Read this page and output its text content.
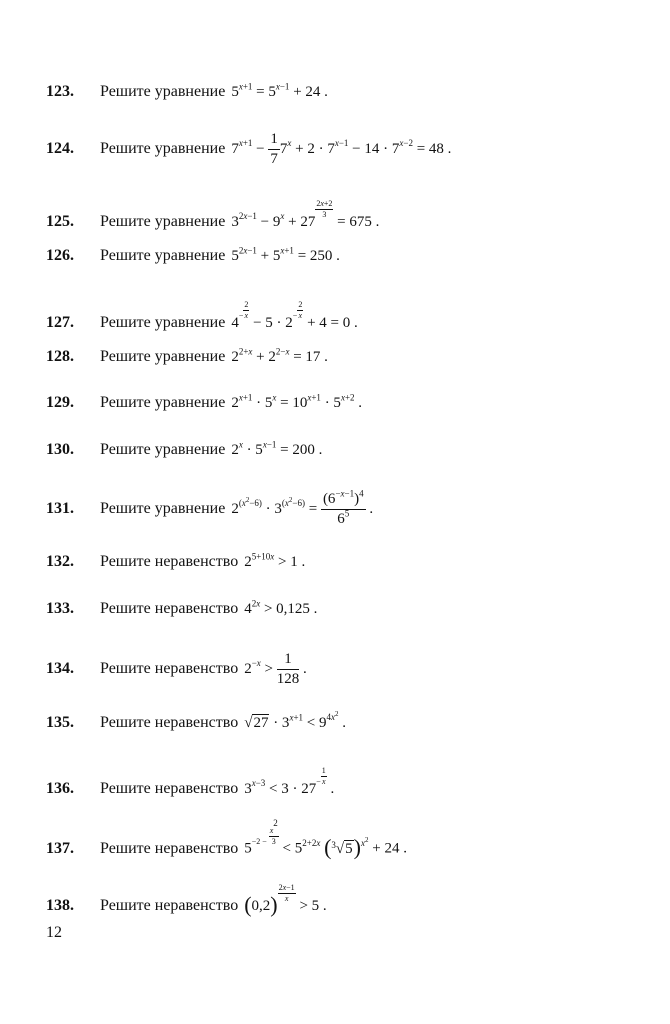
123. Решите уравнение $5^{x+1} = 5^{x-1} + 24$ .
124. Решите уравнение $7^{x+1} - \frac{1}{7} 7^x + 2 \cdot 7^{x-1} - 14 \cdot 7^{x-2} = 48$ .
125. Решите уравнение $3^{2x-1} - 9^x + 27$
$\frac{2x+2}{3}$
= 675 .
126. Решите уравнение $5^{2x-1} + 5^{x+1} = 250$ .
127. Решите уравнение $4- \frac{2}{x}$
− $5 \cdot 2- \frac{2}{x}$
+ 4 = 0 .
128. Решите уравнение $2^{2+x} + 2^{2-x} = 17$ .
129. Решите уравнение $2^{x+1} \cdot 5^x = 10^{x+1} \cdot 5^{x+2}$ .
130. Решите уравнение $2^x \cdot 5^{x-1} = 200$ .
131. Решите уравнение $2^{(x^2-6)} \cdot 3^{(x^2-6)} = \frac{(6^{-x-1})^4}{6^5}$ .
132. Решите неравенство $2^{5+10x} > 1$ .
133. Решите неравенство $4^{2x} > 0,125$ .
134. Решите неравенство $2^{-x} > \frac{1}{128}$ .
135. Решите неравенство $√27 \cdot 3^{x+1} < 9^{4x^2}$ .
136. Решите неравенство $3^{x-3} < 3 \cdot 27- \frac{1}{x}$
.
137. Решите неравенство $5-2 - \frac{x^2}{3}$
< $5^{2+2x}$ $(^3√5)^{x^2} + 24$ .
138. Решите неравенство $(0,2) \frac{2x-1}{x}$
> 5 .
12
